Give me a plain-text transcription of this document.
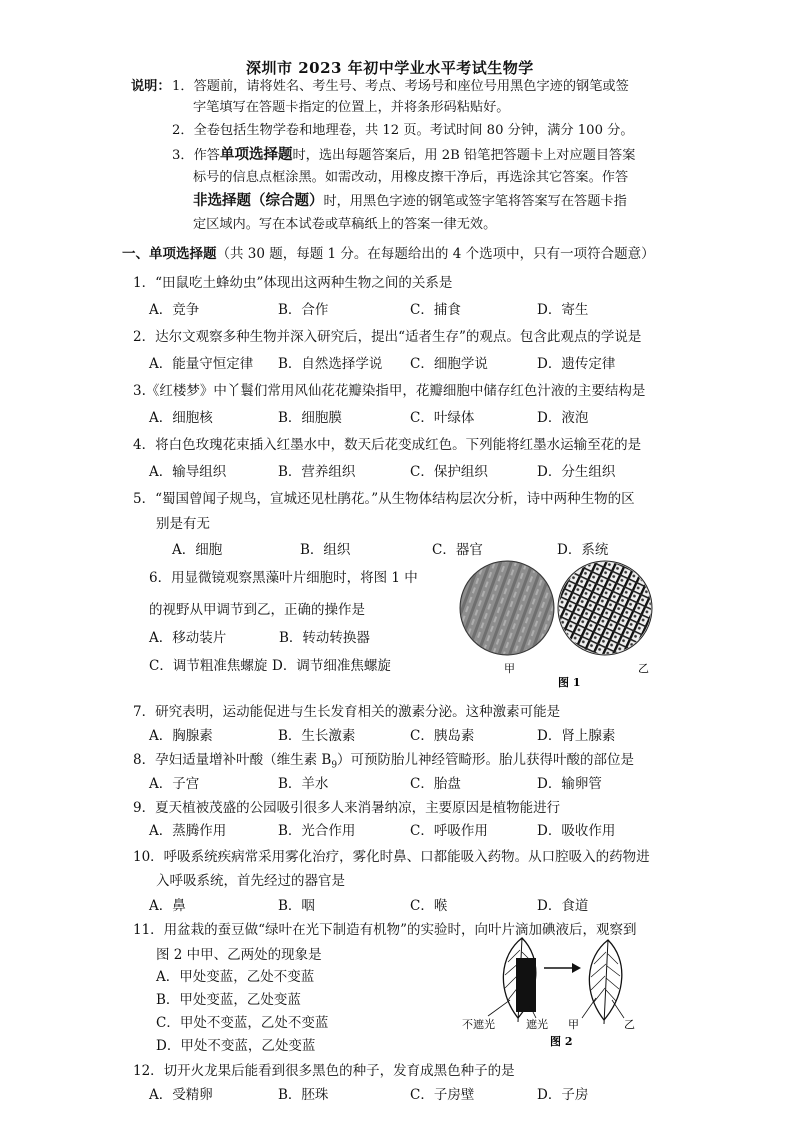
深圳市 2023 年初中学业水平考试生物学
说明： 1．答题前，请将姓名、考生号、考点、考场号和座位号用黑色字迹的钢笔或签
字笔填写在答题卡指定的位置上，并将条形码粘贴好。
2．全卷包括生物学卷和地理卷，共 12 页。考试时间 80 分钟，满分 100 分。
3．作答单项选择题时，选出每题答案后，用 2B 铅笔把答题卡上对应题目答案
标号的信息点框涂黑。如需改动，用橡皮擦干净后，再选涂其它答案。作答
非选择题（综合题）时，用黑色字迹的钢笔或签字笔将答案写在答题卡指
定区域内。写在本试卷或草稿纸上的答案一律无效。
一、单项选择题（共 30 题，每题 1 分。在每题给出的 4 个选项中，只有一项符合题意）
1．“田鼠吃土蜂幼虫”体现出这两种生物之间的关系是
A．竞争	B．合作	C．捕食	D．寄生
2．达尔文观察多种生物并深入研究后，提出“适者生存”的观点。包含此观点的学说是
A．能量守恒定律 B．自然选择学说 C．细胞学说	D．遗传定律
3.《红楼梦》中丫鬟们常用风仙花花瓣染指甲，花瓣细胞中储存红色汁液的主要结构是
A．细胞核	B．细胞膜	C．叶绿体	D．液泡
4．将白色玫瑰花束插入红墨水中，数天后花变成红色。下列能将红墨水运输至花的是
A．输导组织	B．营养组织	C．保护组织	D．分生组织
5．“蜀国曾闻子规鸟，宣城还见杜鹃花。”从生物体结构层次分析，诗中两种生物的区
别是有无
A．细胞	B．组织	C．器官	D．系统
6．用显微镜观察黑藻叶片细胞时，将图 1 中
的视野从甲调节到乙，正确的操作是
A．移动装片	B．转动转换器
C．调节粗准焦螺旋 D．调节细准焦螺旋	甲
图 1
乙
7．研究表明，运动能促进与生长发育相关的激素分泌。这种激素可能是
A．胸腺素	B．生长激素	C．胰岛素	D．肾上腺素
8．孕妇适量增补叶酸（维生素 $B_9$）可预防胎儿神经管畸形。胎儿获得叶酸的部位是
A．子宫	B．羊水	C．胎盘	D．输卵管
9．夏天植被茂盛的公园吸引很多人来消暑纳凉，主要原因是植物能进行
A．蒸腾作用	B．光合作用	C．呼吸作用	D．吸收作用
10．呼吸系统疾病常采用雾化治疗，雾化时鼻、口都能吸入药物。从口腔吸入的药物进
入呼吸系统，首先经过的器官是
A．鼻	B．咽	C．喉	D．食道
11．用盆栽的蚕豆做“绿叶在光下制造有机物”的实验时，向叶片滴加碘液后，观察到
图 2 中甲、乙两处的现象是
A．甲处变蓝，乙处不变蓝
B．甲处变蓝，乙处变蓝
C．甲处不变蓝，乙处不变蓝
D．甲处不变蓝，乙处变蓝
不遮光	遮光 甲	乙
图 2
12．切开火龙果后能看到很多黑色的种子，发育成黑色种子的是
A．受精卵	B．胚珠	C．子房壁	D．子房
